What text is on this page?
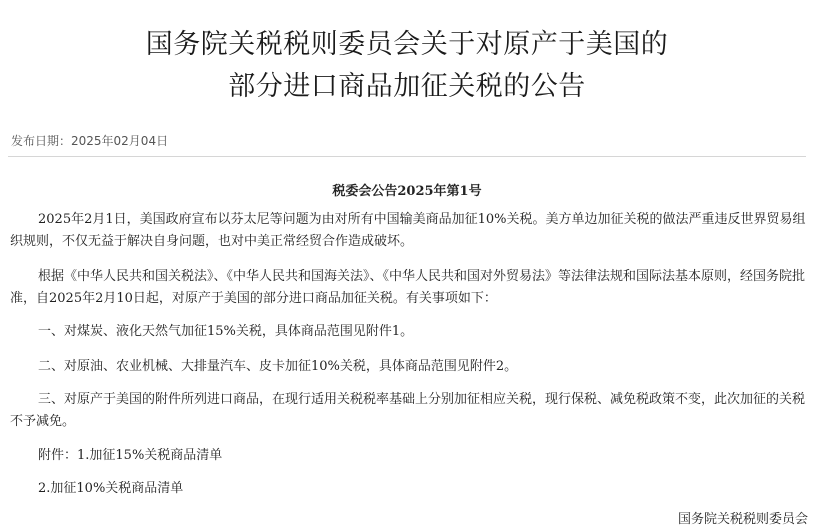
国务院关税税则委员会关于对原产于美国的
部分进口商品加征关税的公告
发布日期：2025年02月04日
税委会公告2025年第1号
2025年2月1日，美国政府宣布以芬太尼等问题为由对所有中国输美商品加征10%关税。美方单边加征关税的做法严重违反世界贸易组织规则，不仅无益于解决自身问题，也对中美正常经贸合作造成破坏。
根据《中华人民共和国关税法》、《中华人民共和国海关法》、《中华人民共和国对外贸易法》等法律法规和国际法基本原则，经国务院批准，自2025年2月10日起，对原产于美国的部分进口商品加征关税。有关事项如下：
一、对煤炭、液化天然气加征15%关税，具体商品范围见附件1。
二、对原油、农业机械、大排量汽车、皮卡加征10%关税，具体商品范围见附件2。
三、对原产于美国的附件所列进口商品，在现行适用关税税率基础上分别加征相应关税，现行保税、减免税政策不变，此次加征的关税不予减免。
附件：1.加征15%关税商品清单
2.加征10%关税商品清单
国务院关税税则委员会
